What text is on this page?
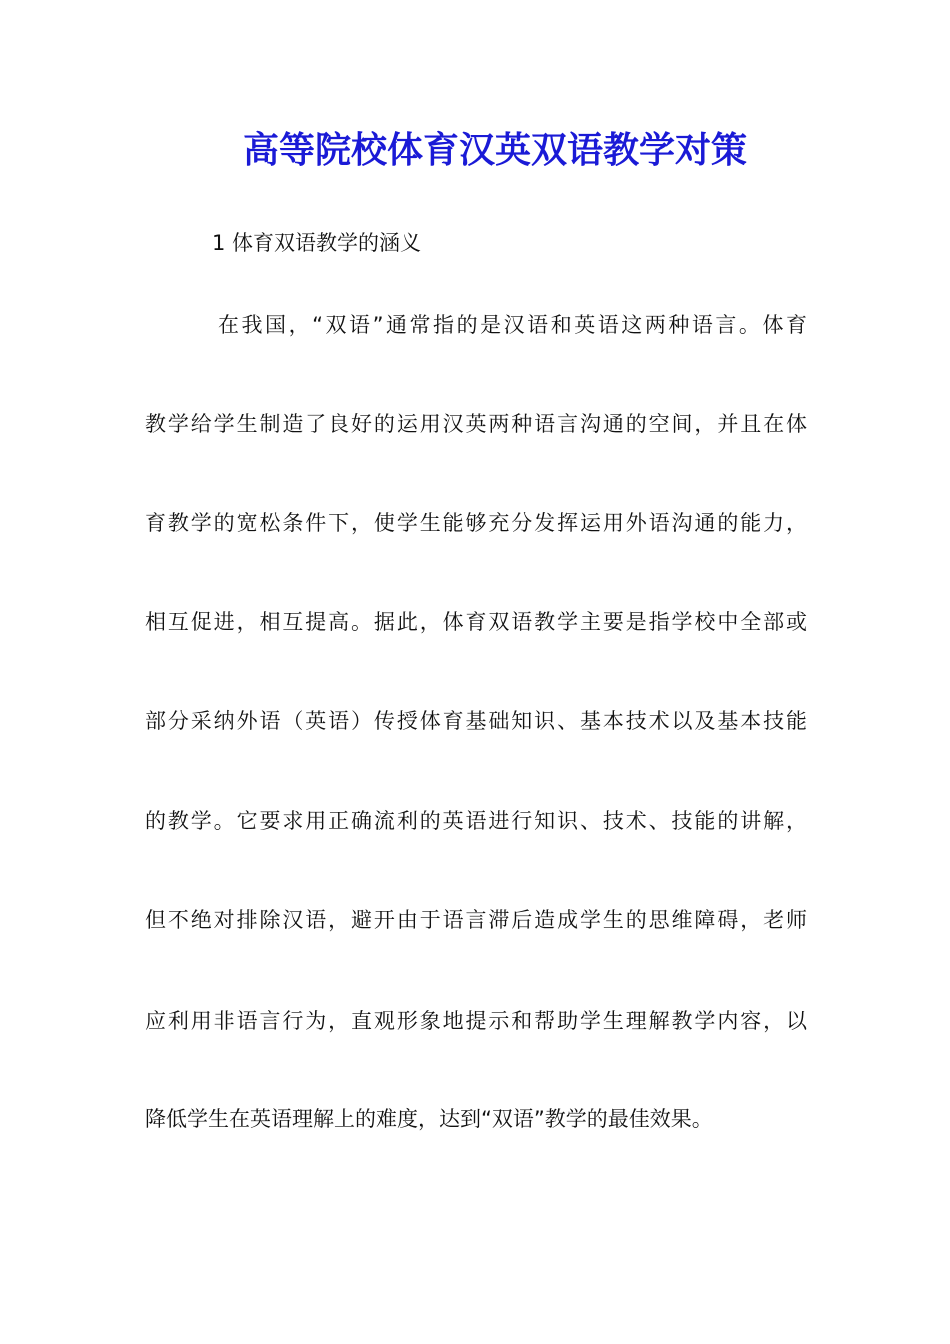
高等院校体育汉英双语教学对策
1 体育双语教学的涵义
在我国，“双语”通常指的是汉语和英语这两种语言。体育
教学给学生制造了良好的运用汉英两种语言沟通的空间，并且在体
育教学的宽松条件下，使学生能够充分发挥运用外语沟通的能力，
相互促进，相互提高。据此，体育双语教学主要是指学校中全部或
部分采纳外语（英语）传授体育基础知识、基本技术以及基本技能
的教学。它要求用正确流利的英语进行知识、技术、技能的讲解，
但不绝对排除汉语，避开由于语言滞后造成学生的思维障碍，老师
应利用非语言行为，直观形象地提示和帮助学生理解教学内容，以
降低学生在英语理解上的难度，达到“双语”教学的最佳效果。
